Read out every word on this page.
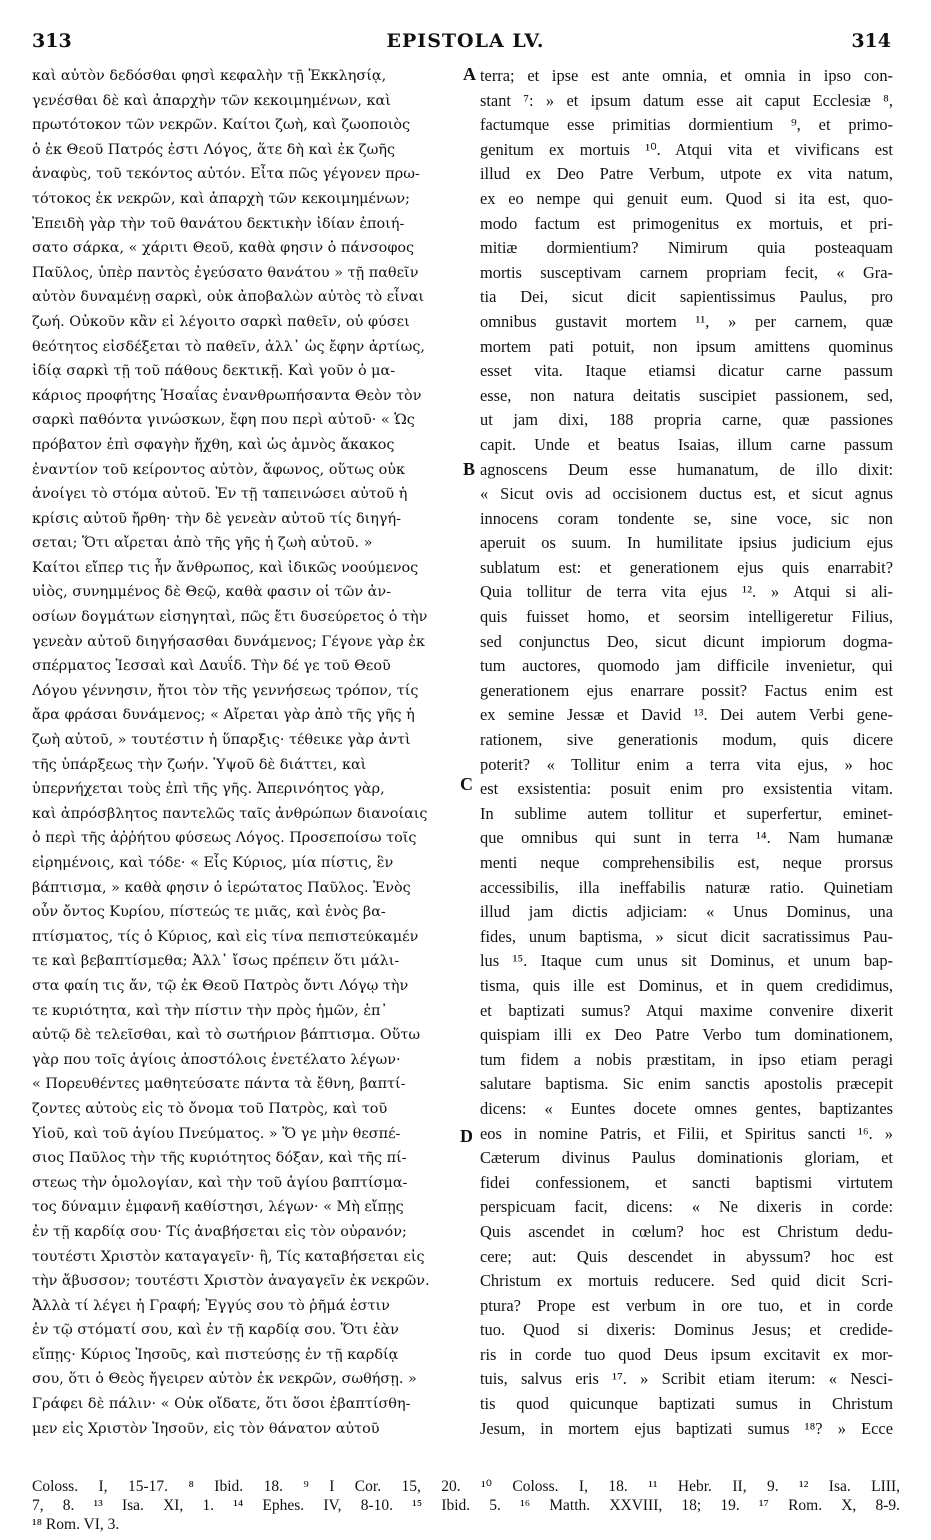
313	EPISTOLA LV.	314
καὶ αὐτὸν δεδόσθαι φησὶ κεφαλὴν τῇ Ἐκκλησίᾳ,
γενέσθαι δὲ καὶ ἀπαρχὴν τῶν κεκοιμημένων, καὶ
πρωτότοκον τῶν νεκρῶν. Καίτοι ζωὴ, καὶ ζωοποιὸς
ὁ ἐκ Θεοῦ Πατρός ἐστι Λόγος, ἅτε δὴ καὶ ἐκ ζωῆς
ἀναφὺς, τοῦ τεκόντος αὐτόν. Εἶτα πῶς γέγονεν πρω-
τότοκος ἐκ νεκρῶν, καὶ ἀπαρχὴ τῶν κεκοιμημένων;
Ἐπειδὴ γὰρ τὴν τοῦ θανάτου δεκτικὴν ἰδίαν ἐποιή-
σατο σάρκα, « χάριτι Θεοῦ, καθὰ φησιν ὁ πάνσοφος
Παῦλος, ὑπὲρ παντὸς ἐγεύσατο θανάτου » τῇ παθεῖν
αὐτὸν δυναμένῃ σαρκὶ, οὐκ ἀποβαλὼν αὐτὸς τὸ εἶναι
ζωή. Οὐκοῦν κἂν εἰ λέγοιτο σαρκὶ παθεῖν, οὐ φύσει
θεότητος εἰσδέξεται τὸ παθεῖν, ἀλλ᾽ ὡς ἔφην ἀρτίως,
ἰδίᾳ σαρκὶ τῇ τοῦ πάθους δεκτικῇ. Καὶ γοῦν ὁ μα-
κάριος προφήτης Ἡσαΐας ἐνανθρωπήσαντα Θεὸν τὸν
σαρκὶ παθόντα γινώσκων, ἔφη που περὶ αὐτοῦ· « Ὡς
πρόβατον ἐπὶ σφαγὴν ἤχθη, καὶ ὡς ἀμνὸς ἄκακος
ἐναντίον τοῦ κείροντος αὐτὸν, ἄφωνος, οὕτως οὐκ
ἀνοίγει τὸ στόμα αὐτοῦ. Ἐν τῇ ταπεινώσει αὐτοῦ ἡ
κρίσις αὐτοῦ ἤρθη· τὴν δὲ γενεὰν αὐτοῦ τίς διηγή-
σεται; Ὅτι αἴρεται ἀπὸ τῆς γῆς ἡ ζωὴ αὐτοῦ. »
Καίτοι εἴπερ τις ἦν ἄνθρωπος, καὶ ἰδικῶς νοούμενος
υἱὸς, συνημμένος δὲ Θεῷ, καθὰ φασιν οἱ τῶν ἀν-
οσίων δογμάτων εἰσηγηταὶ, πῶς ἔτι δυσεύρετος ὁ τὴν
γενεὰν αὐτοῦ διηγήσασθαι δυνάμενος; Γέγονε γὰρ ἐκ
σπέρματος Ἰεσσαὶ καὶ Δαυΐδ. Τὴν δέ γε τοῦ Θεοῦ
Λόγου γέννησιν, ἤτοι τὸν τῆς γεννήσεως τρόπον, τίς
ἄρα φράσαι δυνάμενος; « Αἴρεται γὰρ ἀπὸ τῆς γῆς ἡ
ζωὴ αὐτοῦ, » τουτέστιν ἡ ὕπαρξις· τέθεικε γὰρ ἀντὶ
τῆς ὑπάρξεως τὴν ζωήν. Ὑψοῦ δὲ διάττει, καὶ
ὑπερνήχεται τοὺς ἐπὶ τῆς γῆς. Ἀπερινόητος γὰρ,
καὶ ἀπρόσβλητος παντελῶς ταῖς ἀνθρώπων διανοίαις
ὁ περὶ τῆς ἀῤῥήτου φύσεως Λόγος. Προσεποίσω τοῖς
εἰρημένοις, καὶ τόδε· « Εἷς Κύριος, μία πίστις, ἓν
βάπτισμα, » καθὰ φησιν ὁ ἱερώτατος Παῦλος. Ἑνὸς
οὖν ὄντος Κυρίου, πίστεώς τε μιᾶς, καὶ ἑνὸς βα-
πτίσματος, τίς ὁ Κύριος, καὶ εἰς τίνα πεπιστεύκαμέν
τε καὶ βεβαπτίσμεθα; Ἀλλ᾽ ἴσως πρέπειν ὅτι μάλι-
στα φαίη τις ἄν, τῷ ἐκ Θεοῦ Πατρὸς ὄντι Λόγῳ τὴν
τε κυριότητα, καὶ τὴν πίστιν τὴν πρὸς ἡμῶν, ἐπ᾽
αὐτῷ δὲ τελεῖσθαι, καὶ τὸ σωτήριον βάπτισμα. Οὕτω
γὰρ που τοῖς ἁγίοις ἀποστόλοις ἐνετέλατο λέγων·
« Πορευθέντες μαθητεύσατε πάντα τὰ ἔθνη, βαπτί-
ζοντες αὐτοὺς εἰς τὸ ὄνομα τοῦ Πατρὸς, καὶ τοῦ
Υἱοῦ, καὶ τοῦ ἁγίου Πνεύματος. » Ὅ γε μὴν θεσπέ-
σιος Παῦλος τὴν τῆς κυριότητος δόξαν, καὶ τῆς πί-
στεως τὴν ὁμολογίαν, καὶ τὴν τοῦ ἁγίου βαπτίσμα-
τος δύναμιν ἐμφανῆ καθίστησι, λέγων· « Μὴ εἴπῃς
ἐν τῇ καρδίᾳ σου· Τίς ἀναβήσεται εἰς τὸν οὐρανόν;
τουτέστι Χριστὸν καταγαγεῖν· ἢ, Τίς καταβήσεται εἰς
τὴν ἄβυσσον; τουτέστι Χριστὸν ἀναγαγεῖν ἐκ νεκρῶν.
Ἀλλὰ τί λέγει ἡ Γραφή; Ἐγγύς σου τὸ ῥῆμά ἐστιν
ἐν τῷ στόματί σου, καὶ ἐν τῇ καρδίᾳ σου. Ὅτι ἐὰν
εἴπῃς· Κύριος Ἰησοῦς, καὶ πιστεύσῃς ἐν τῇ καρδίᾳ
σου, ὅτι ὁ Θεὸς ἤγειρεν αὐτὸν ἐκ νεκρῶν, σωθήσῃ. »
Γράφει δὲ πάλιν· « Οὐκ οἴδατε, ὅτι ὅσοι ἐβαπτίσθη-
μεν εἰς Χριστὸν Ἰησοῦν, εἰς τὸν θάνατον αὐτοῦ
terra; et ipse est ante omnia, et omnia in ipso con-
stant ⁷: » et ipsum datum esse ait caput Ecclesiæ ⁸,
factumque esse primitias dormientium ⁹, et primo-
genitum ex mortuis ¹⁰. Atqui vita et vivificans est
illud ex Deo Patre Verbum, utpote ex vita natum,
ex eo nempe qui genuit eum. Quod si ita est, quo-
modo factum est primogenitus ex mortuis, et pri-
mitiæ dormientium? Nimirum quia posteaquam
mortis susceptivam carnem propriam fecit, « Gra-
tia Dei, sicut dicit sapientissimus Paulus, pro
omnibus gustavit mortem ¹¹, » per carnem, quæ
mortem pati potuit, non ipsum amittens quominus
esset vita. Itaque etiamsi dicatur carne passum
esse, non natura deitatis suscipiet passionem, sed,
ut jam dixi, 188 propria carne, quæ passiones
capit. Unde et beatus Isaias, illum carne passum
agnoscens Deum esse humanatum, de illo dixit:
« Sicut ovis ad occisionem ductus est, et sicut agnus
innocens coram tondente se, sine voce, sic non
aperuit os suum. In humilitate ipsius judicium ejus
sublatum est: et generationem ejus quis enarrabit?
Quia tollitur de terra vita ejus ¹². » Atqui si ali-
quis fuisset homo, et seorsim intelligeretur Filius,
sed conjunctus Deo, sicut dicunt impiorum dogma-
tum auctores, quomodo jam difficile invenietur, qui
generationem ejus enarrare possit? Factus enim est
ex semine Jessæ et David ¹³. Dei autem Verbi gene-
rationem, sive generationis modum, quis dicere
poterit? « Tollitur enim a terra vita ejus, » hoc
est exsistentia: posuit enim pro exsistentia vitam.
In sublime autem tollitur et superfertur, eminet-
que omnibus qui sunt in terra ¹⁴. Nam humanæ
menti neque comprehensibilis est, neque prorsus
accessibilis, illa ineffabilis naturæ ratio. Quinetiam
illud jam dictis adjiciam: « Unus Dominus, una
fides, unum baptisma, » sicut dicit sacratissimus Pau-
lus ¹⁵. Itaque cum unus sit Dominus, et unum bap-
tisma, quis ille est Dominus, et in quem credidimus,
et baptizati sumus? Atqui maxime convenire dixerit
quispiam illi ex Deo Patre Verbo tum dominationem,
tum fidem a nobis præstitam, in ipso etiam peragi
salutare baptisma. Sic enim sanctis apostolis præcepit
dicens: « Euntes docete omnes gentes, baptizantes
eos in nomine Patris, et Filii, et Spiritus sancti ¹⁶. »
Cæterum divinus Paulus dominationis gloriam, et
fidei confessionem, et sancti baptismi virtutem
perspicuam facit, dicens: « Ne dixeris in corde:
Quis ascendet in cœlum? hoc est Christum dedu-
cere; aut: Quis descendet in abyssum? hoc est
Christum ex mortuis reducere. Sed quid dicit Scri-
ptura? Prope est verbum in ore tuo, et in corde
tuo. Quod si dixeris: Dominus Jesus; et credide-
ris in corde tuo quod Deus ipsum excitavit ex mor-
tuis, salvus eris ¹⁷. » Scribit etiam iterum: « Nesci-
tis quod quicunque baptizati sumus in Christum
Jesum, in mortem ejus baptizati sumus ¹⁸? » Ecce
A
B
C
D
Coloss. I, 15-17. ⁸ Ibid. 18. ⁹ I Cor. 15, 20. ¹⁰ Coloss. I, 18. ¹¹ Hebr. II, 9. ¹² Isa. LIII,
7, 8. ¹³ Isa. XI, 1. ¹⁴ Ephes. IV, 8-10. ¹⁵ Ibid. 5. ¹⁶ Matth. XXVIII, 18; 19. ¹⁷ Rom. X, 8-9.
¹⁸ Rom. VI, 3.
